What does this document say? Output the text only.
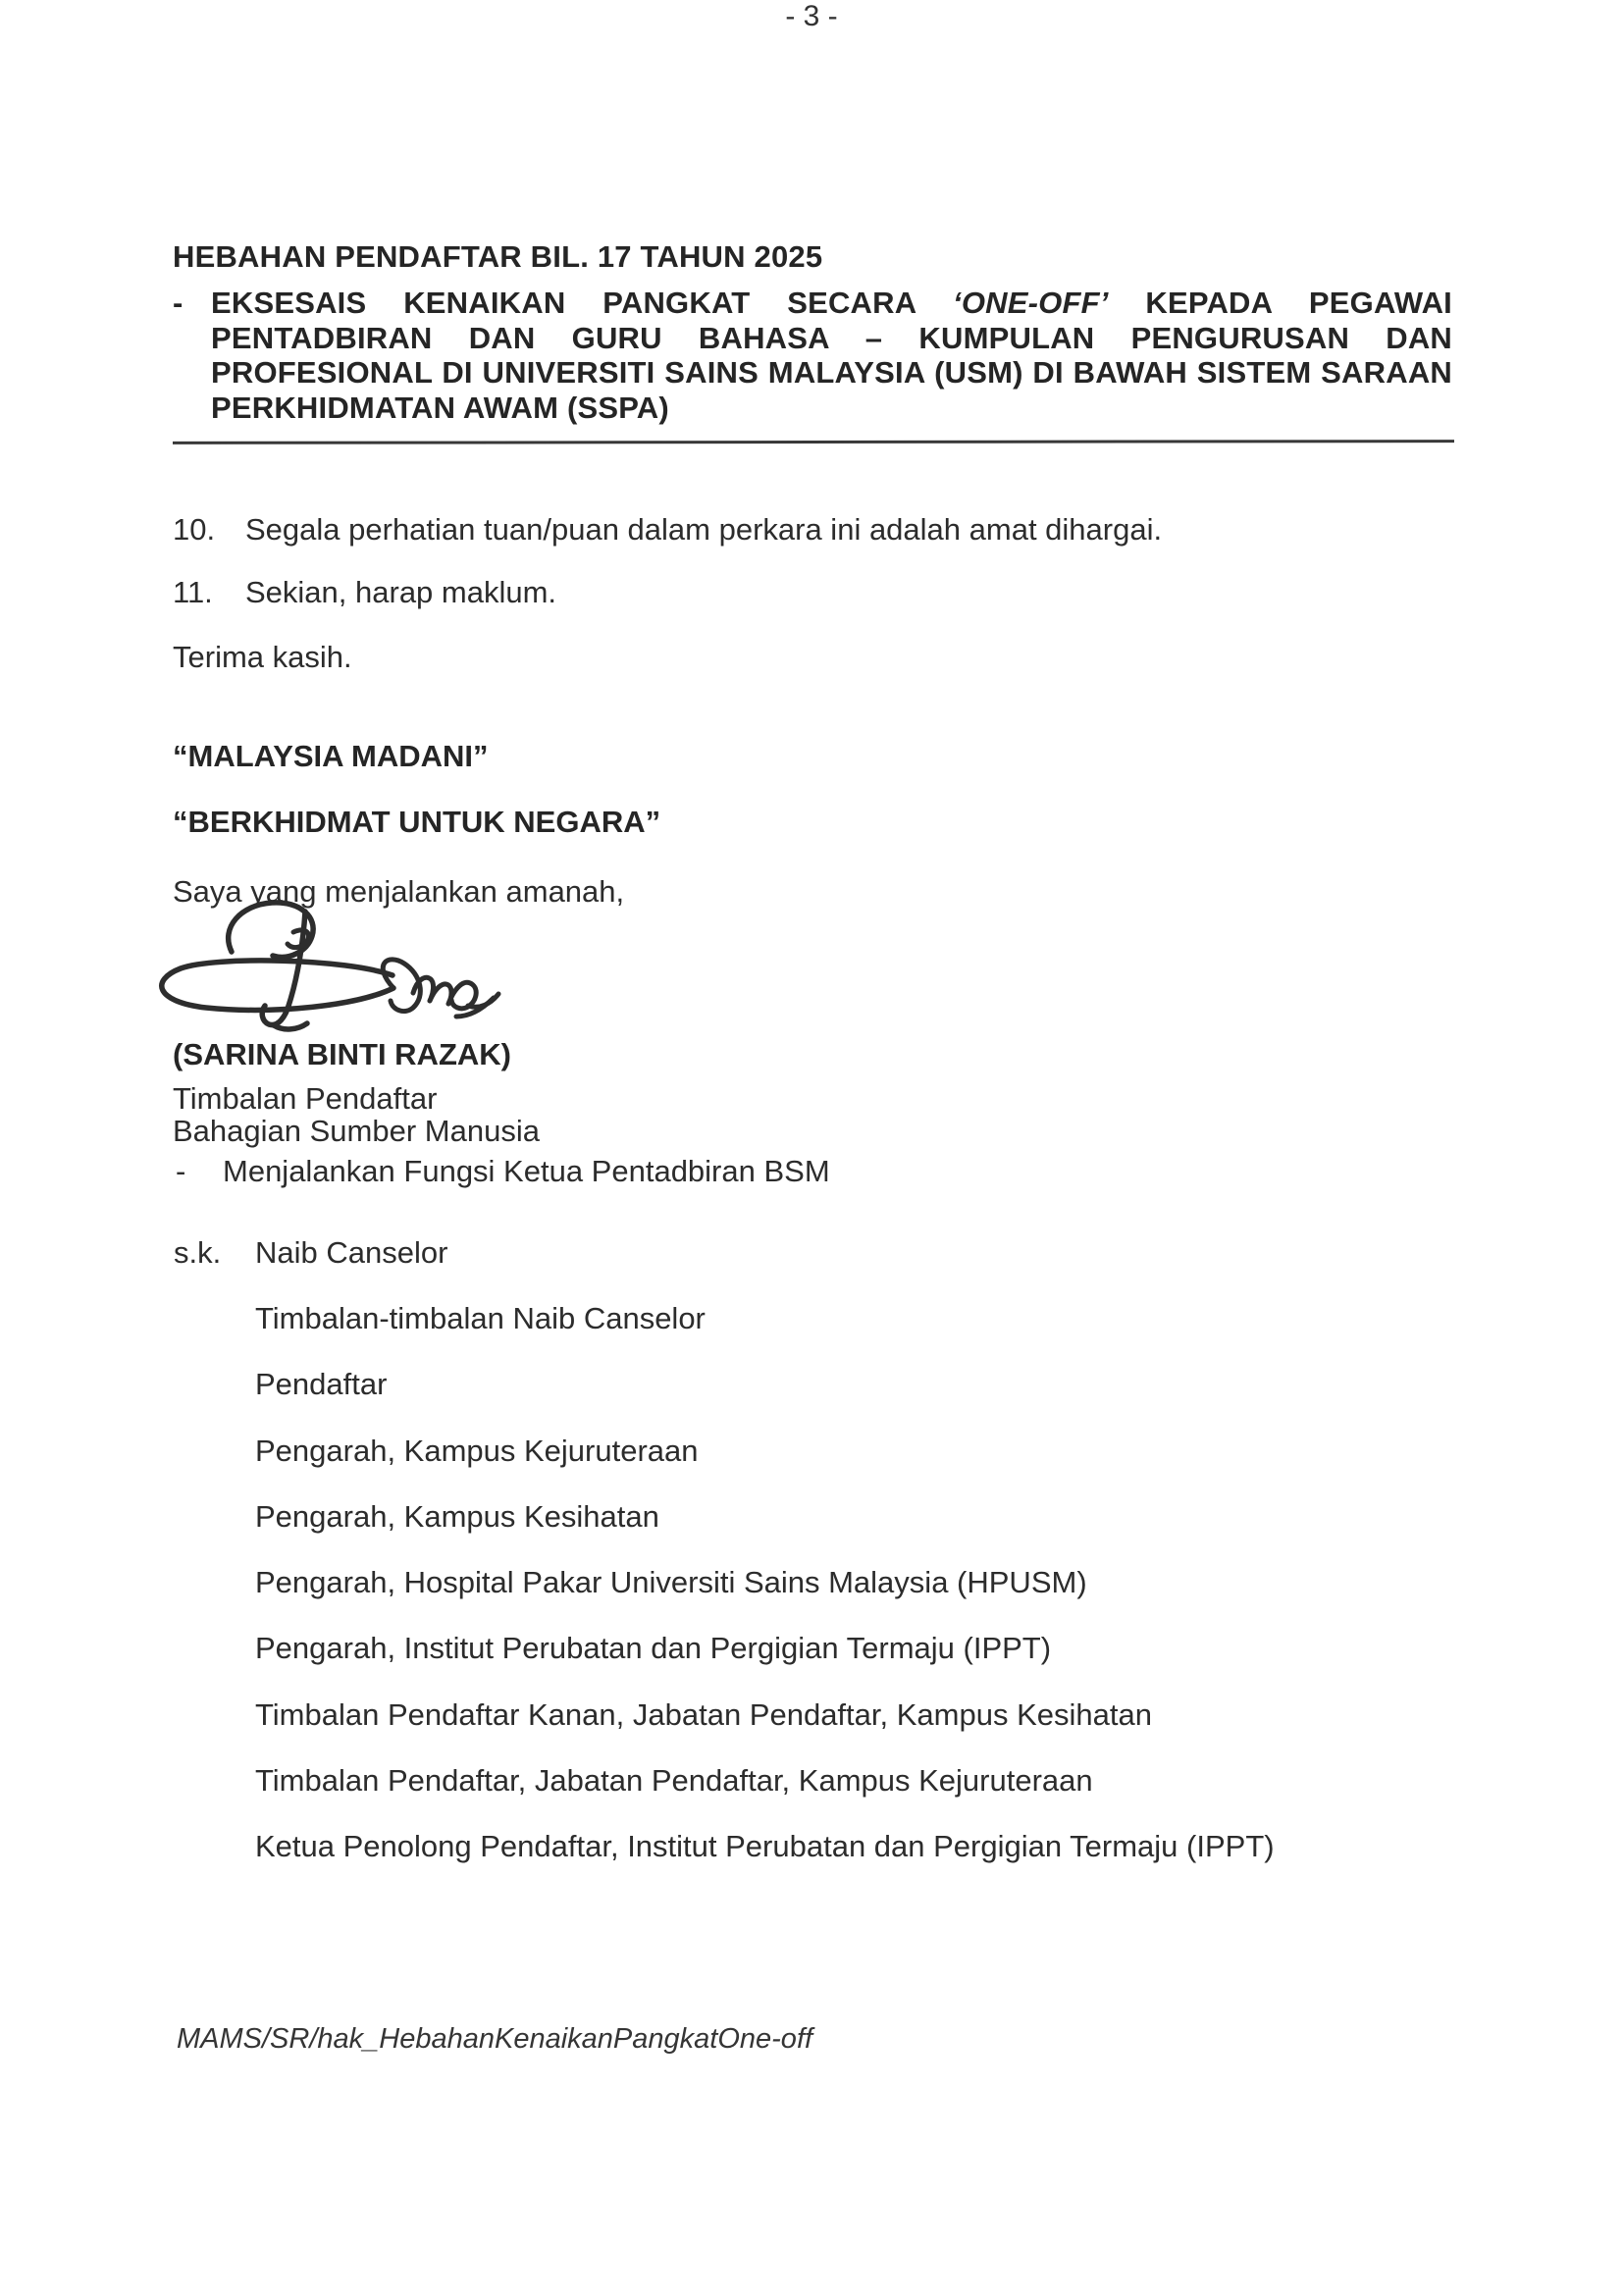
- 3 -
HEBAHAN PENDAFTAR BIL. 17 TAHUN 2025
- EKSESAIS KENAIKAN PANGKAT SECARA ‘ONE-OFF’ KEPADA PEGAWAI
PENTADBIRAN DAN GURU BAHASA – KUMPULAN PENGURUSAN DAN
PROFESIONAL DI UNIVERSITI SAINS MALAYSIA (USM) DI BAWAH SISTEM SARAAN
PERKHIDMATAN AWAM (SSPA)
10. Segala perhatian tuan/puan dalam perkara ini adalah amat dihargai.
11. Sekian, harap maklum.
Terima kasih.
“MALAYSIA MADANI”
“BERKHIDMAT UNTUK NEGARA”
Saya yang menjalankan amanah,
(SARINA BINTI RAZAK)
Timbalan Pendaftar
Bahagian Sumber Manusia
- Menjalankan Fungsi Ketua Pentadbiran BSM
s.k. Naib Canselor
Timbalan-timbalan Naib Canselor
Pendaftar
Pengarah, Kampus Kejuruteraan
Pengarah, Kampus Kesihatan
Pengarah, Hospital Pakar Universiti Sains Malaysia (HPUSM)
Pengarah, Institut Perubatan dan Pergigian Termaju (IPPT)
Timbalan Pendaftar Kanan, Jabatan Pendaftar, Kampus Kesihatan
Timbalan Pendaftar, Jabatan Pendaftar, Kampus Kejuruteraan
Ketua Penolong Pendaftar, Institut Perubatan dan Pergigian Termaju (IPPT)
MAMS/SR/hak_HebahanKenaikanPangkatOne-off
